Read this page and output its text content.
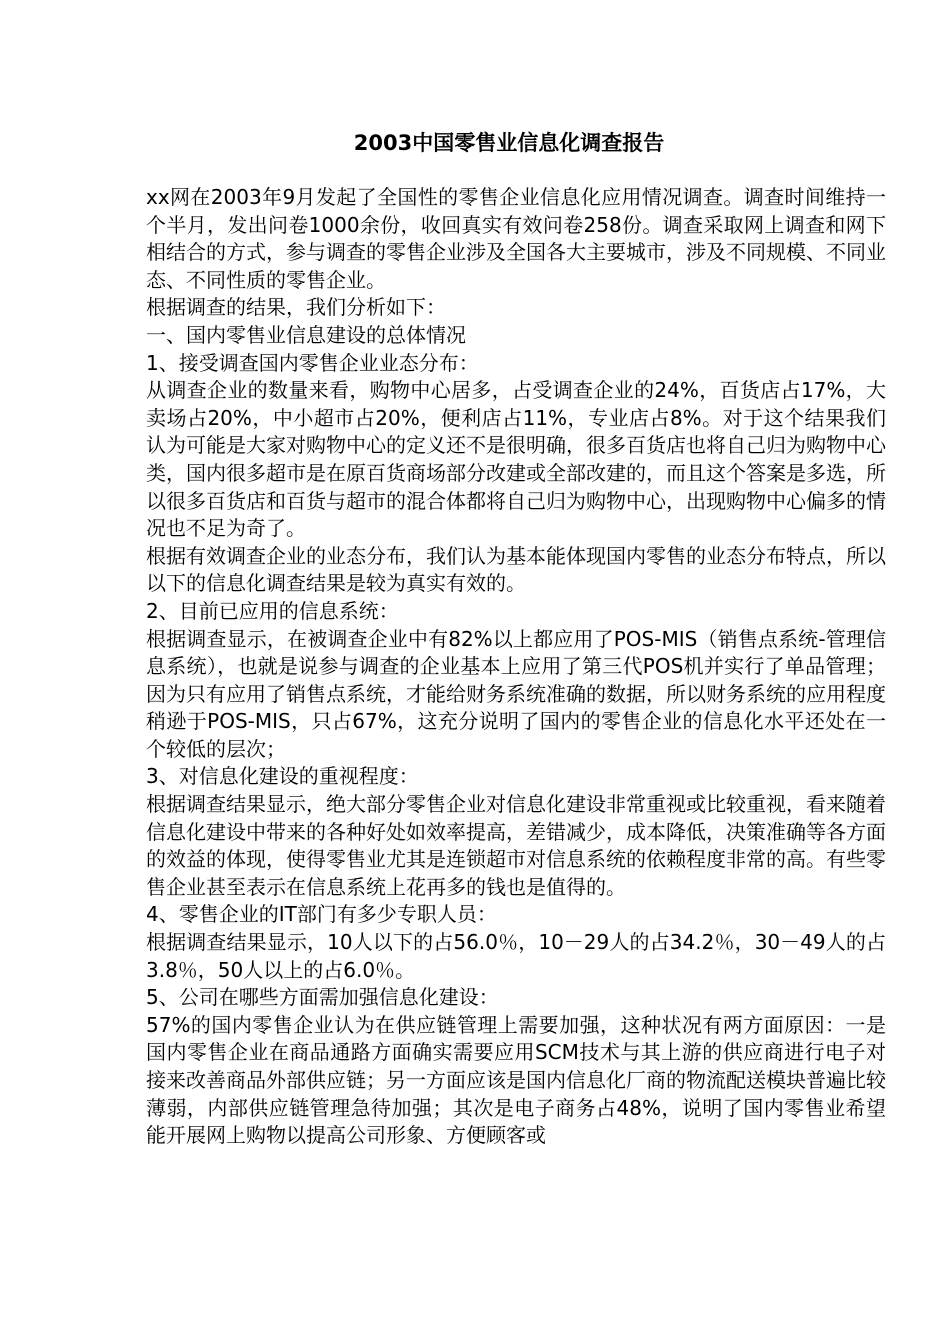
2003中国零售业信息化调查报告

xx网在2003年9月发起了全国性的零售企业信息化应用情况调查。调查时间维持一个半月，发出问卷1000余份，收回真实有效问卷258份。调查采取网上调查和网下相结合的方式，参与调查的零售企业涉及全国各大主要城市，涉及不同规模、不同业态、不同性质的零售企业。

根据调查的结果，我们分析如下：

一、国内零售业信息建设的总体情况

1、接受调查国内零售企业业态分布：

从调查企业的数量来看，购物中心居多，占受调查企业的24%，百货店占17%，大卖场占20%，中小超市占20%，便利店占11%，专业店占8%。对于这个结果我们认为可能是大家对购物中心的定义还不是很明确，很多百货店也将自己归为购物中心类，国内很多超市是在原百货商场部分改建或全部改建的，而且这个答案是多选，所以很多百货店和百货与超市的混合体都将自己归为购物中心，出现购物中心偏多的情况也不足为奇了。

根据有效调查企业的业态分布，我们认为基本能体现国内零售的业态分布特点，所以以下的信息化调查结果是较为真实有效的。

2、目前已应用的信息系统：

根据调查显示，在被调查企业中有82%以上都应用了POS-MIS（销售点系统-管理信息系统），也就是说参与调查的企业基本上应用了第三代POS机并实行了单品管理；因为只有应用了销售点系统，才能给财务系统准确的数据，所以财务系统的应用程度稍逊于POS-MIS，只占67%，这充分说明了国内的零售企业的信息化水平还处在一个较低的层次；

3、对信息化建设的重视程度：

根据调查结果显示，绝大部分零售企业对信息化建设非常重视或比较重视，看来随着信息化建设中带来的各种好处如效率提高，差错减少，成本降低，决策准确等各方面的效益的体现，使得零售业尤其是连锁超市对信息系统的依赖程度非常的高。有些零售企业甚至表示在信息系统上花再多的钱也是值得的。

4、零售企业的IT部门有多少专职人员：

根据调查结果显示，10人以下的占56.0％，10－29人的占34.2％，30－49人的占3.8％，50人以上的占6.0％。

5、公司在哪些方面需加强信息化建设：

57%的国内零售企业认为在供应链管理上需要加强，这种状况有两方面原因：一是国内零售企业在商品通路方面确实需要应用SCM技术与其上游的供应商进行电子对接来改善商品外部供应链；另一方面应该是国内信息化厂商的物流配送模块普遍比较薄弱，内部供应链管理急待加强；其次是电子商务占48%，说明了国内零售业希望能开展网上购物以提高公司形象、方便顾客或
